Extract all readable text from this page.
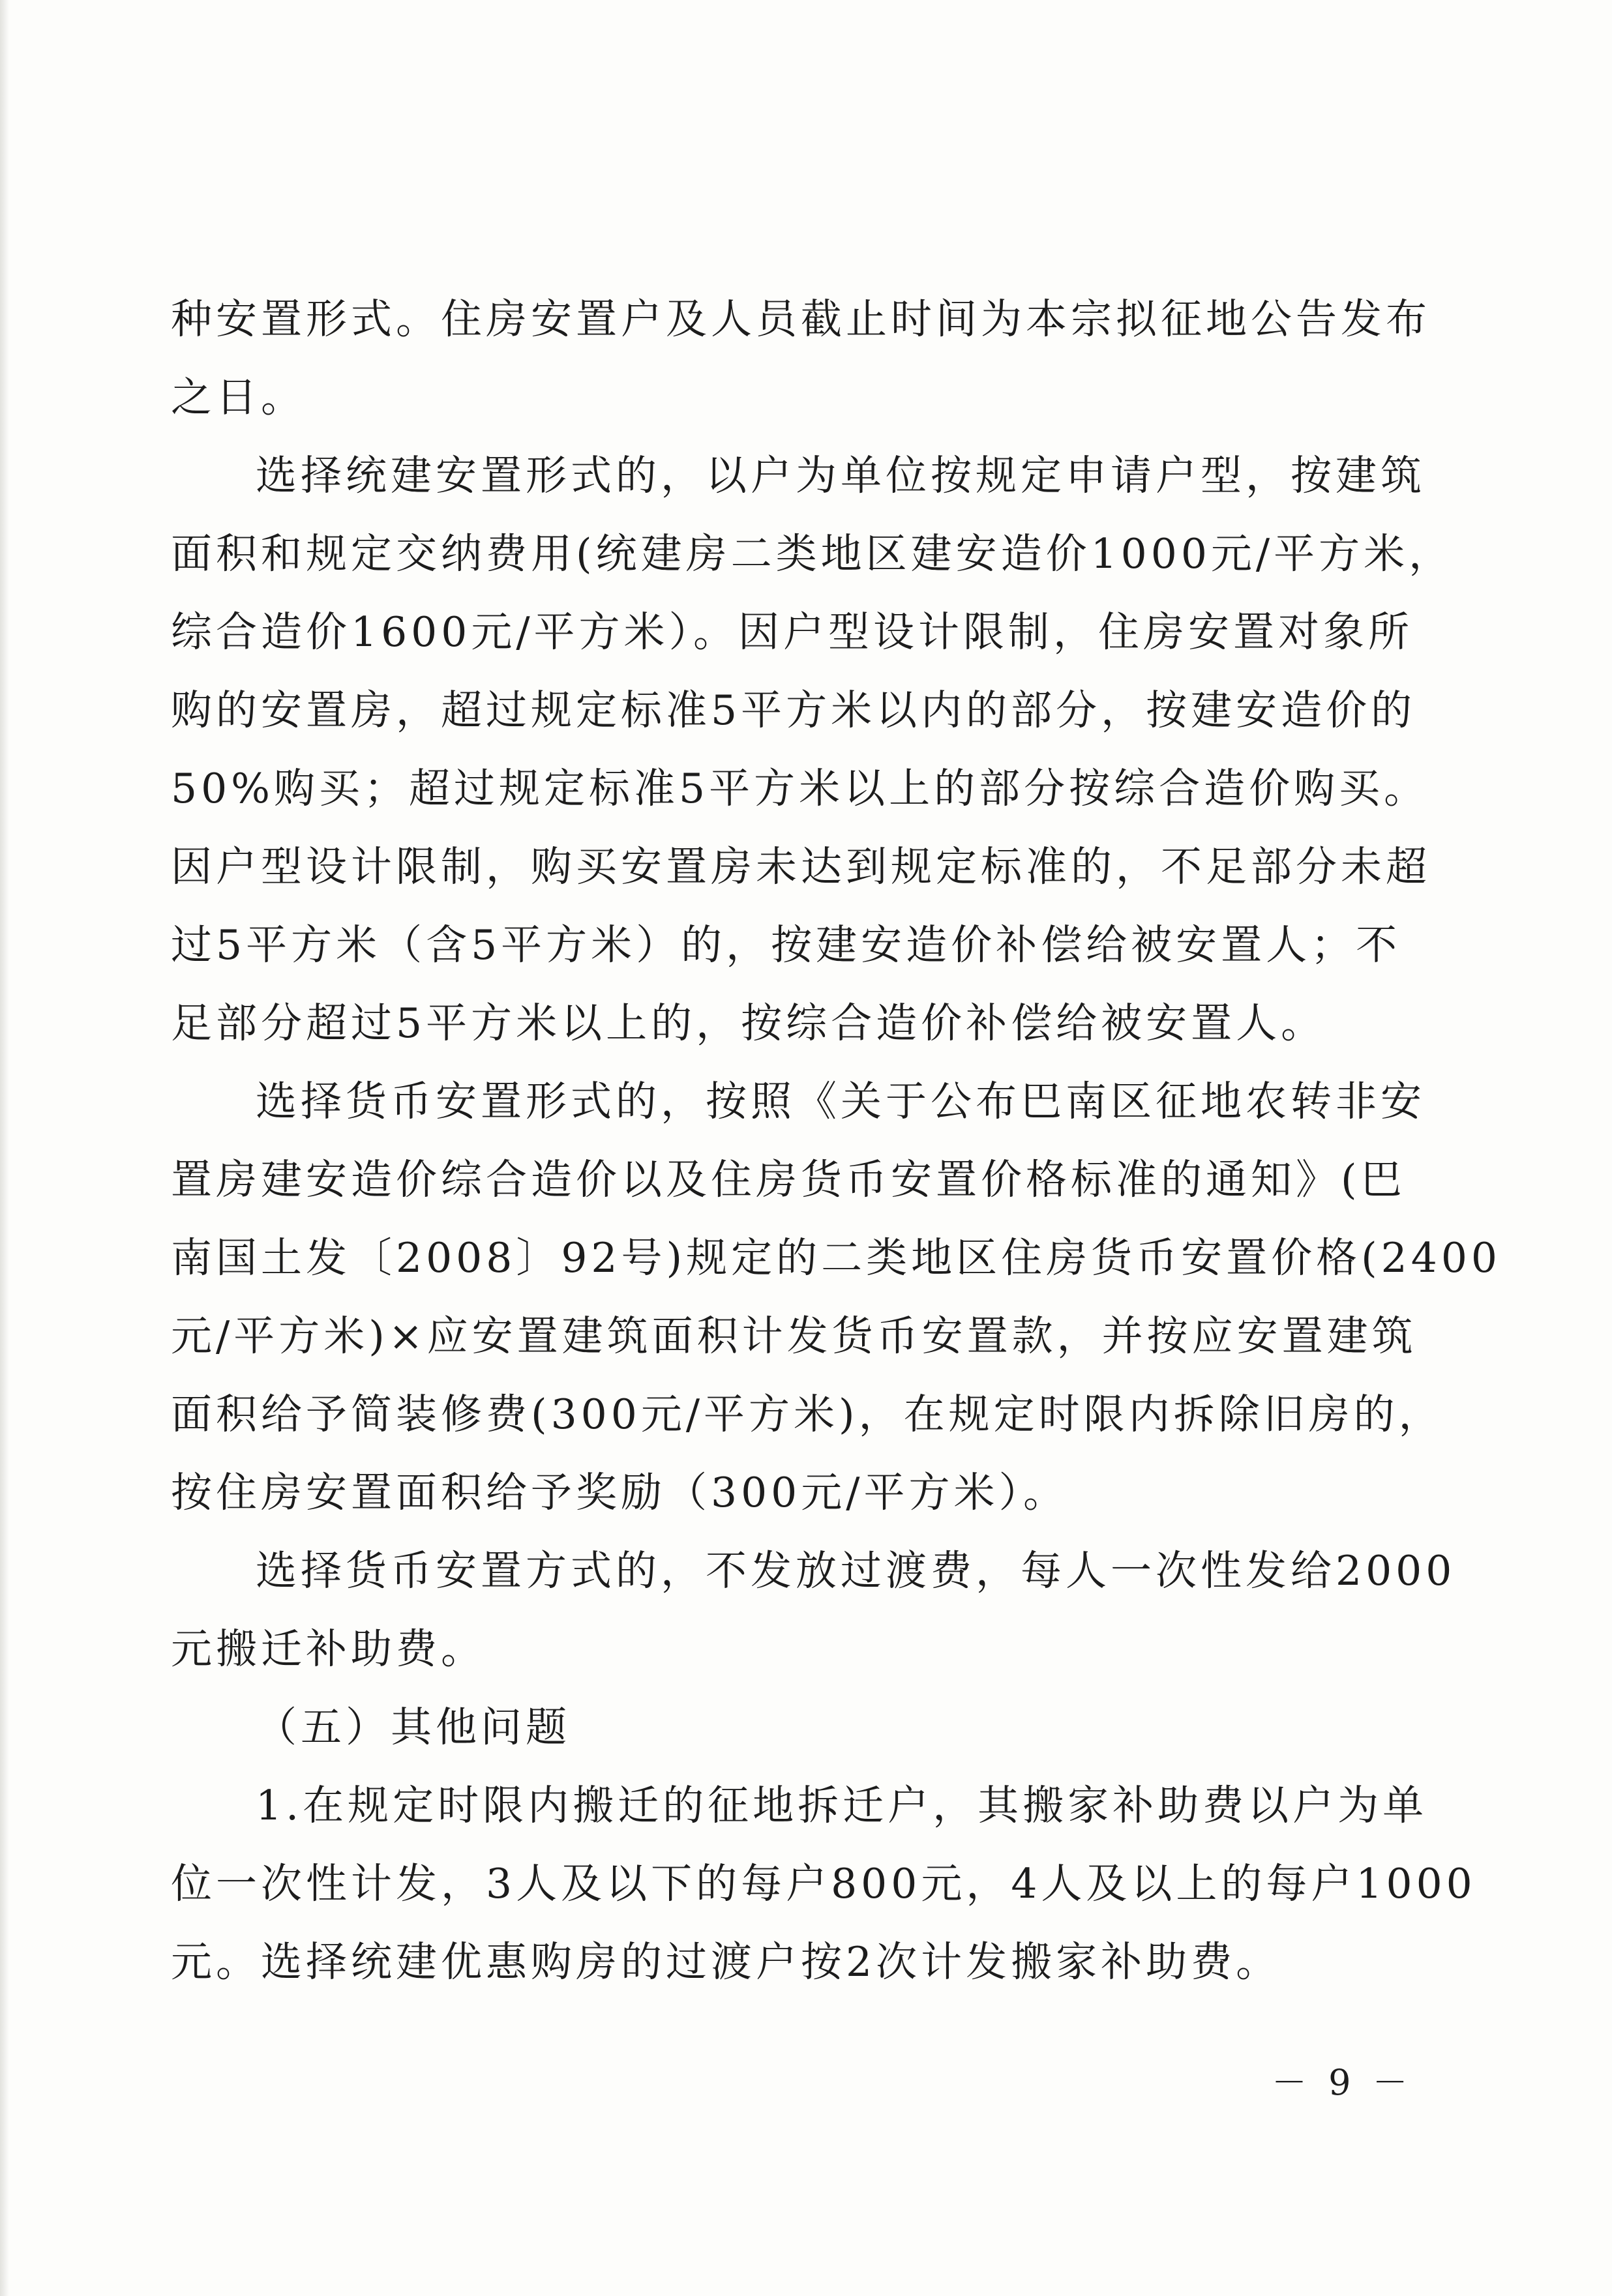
种安置形式。住房安置户及人员截止时间为本宗拟征地公告发布
之日。
选择统建安置形式的，以户为单位按规定申请户型，按建筑
面积和规定交纳费用(统建房二类地区建安造价1000元/平方米，
综合造价1600元/平方米）。因户型设计限制，住房安置对象所
购的安置房，超过规定标准5平方米以内的部分，按建安造价的
50%购买；超过规定标准5平方米以上的部分按综合造价购买。
因户型设计限制，购买安置房未达到规定标准的，不足部分未超
过5平方米（含5平方米）的，按建安造价补偿给被安置人；不
足部分超过5平方米以上的，按综合造价补偿给被安置人。
选择货币安置形式的，按照《关于公布巴南区征地农转非安
置房建安造价综合造价以及住房货币安置价格标准的通知》(巴
南国土发〔2008〕92号)规定的二类地区住房货币安置价格(2400
元/平方米)×应安置建筑面积计发货币安置款，并按应安置建筑
面积给予简装修费(300元/平方米)，在规定时限内拆除旧房的，
按住房安置面积给予奖励（300元/平方米）。
选择货币安置方式的，不发放过渡费，每人一次性发给2000
元搬迁补助费。
（五）其他问题
1.在规定时限内搬迁的征地拆迁户，其搬家补助费以户为单
位一次性计发，3人及以下的每户800元，4人及以上的每户1000
元。选择统建优惠购房的过渡户按2次计发搬家补助费。
－ 9 －
